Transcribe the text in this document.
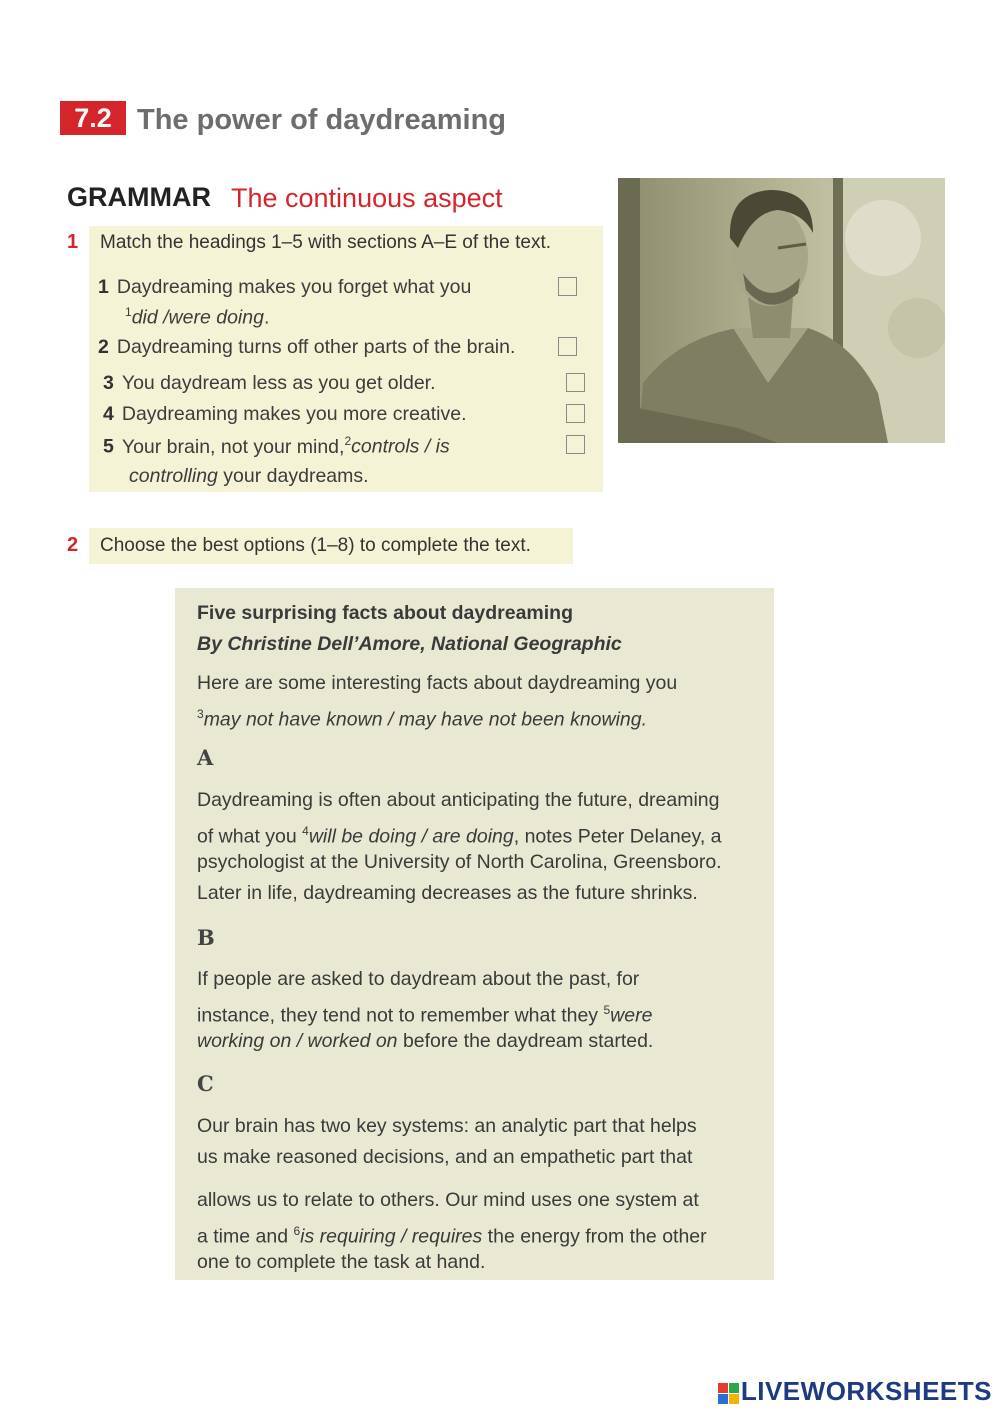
7.2 The power of daydreaming
GRAMMAR The continuous aspect
1 Match the headings 1–5 with sections A–E of the text.
1 Daydreaming makes you forget what you
$^1$did /were doing.
2 Daydreaming turns off other parts of the brain.
3 You daydream less as you get older.
4 Daydreaming makes you more creative.
5 Your brain, not your mind,$^2$controls / is
controlling your daydreams.
2 Choose the best options (1–8) to complete the text.
Five surprising facts about daydreaming
By Christine Dell’Amore, National Geographic
Here are some interesting facts about daydreaming you
$^3$may not have known / may have not been knowing.
A
Daydreaming is often about anticipating the future, dreaming
of what you $^4$will be doing / are doing, notes Peter Delaney, a
psychologist at the University of North Carolina, Greensboro.
Later in life, daydreaming decreases as the future shrinks.
B
If people are asked to daydream about the past, for
instance, they tend not to remember what they $^5$were
working on / worked on before the daydream started.
C
Our brain has two key systems: an analytic part that helps
us make reasoned decisions, and an empathetic part that
allows us to relate to others. Our mind uses one system at
a time and $^6$is requiring / requires the energy from the other
one to complete the task at hand.
LIVEWORKSHEETS
